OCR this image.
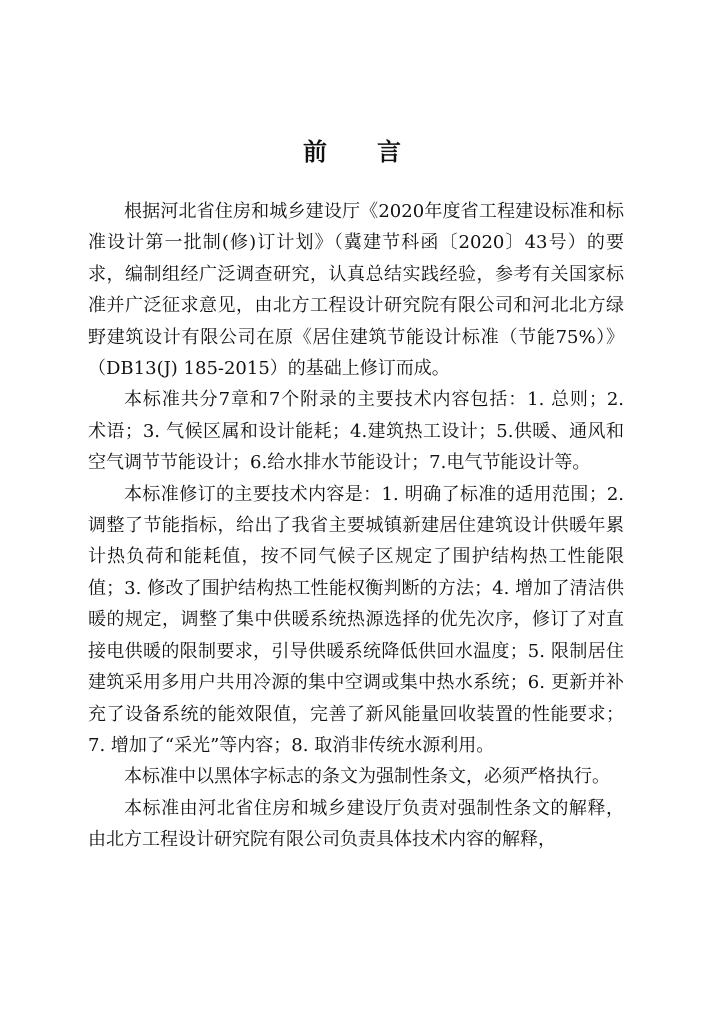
前 言

根据河北省住房和城乡建设厅《2020年度省工程建设标准和标准设计第一批制(修)订计划》（冀建节科函〔2020〕43号）的要求，编制组经广泛调查研究，认真总结实践经验，参考有关国家标准并广泛征求意见，由北方工程设计研究院有限公司和河北北方绿野建筑设计有限公司在原《居住建筑节能设计标准（节能75%）》（DB13(J) 185-2015）的基础上修订而成。

本标准共分7章和7个附录的主要技术内容包括：1. 总则；2. 术语；3. 气候区属和设计能耗；4.建筑热工设计；5.供暖、通风和空气调节节能设计；6.给水排水节能设计；7.电气节能设计等。

本标准修订的主要技术内容是：1. 明确了标准的适用范围；2. 调整了节能指标，给出了我省主要城镇新建居住建筑设计供暖年累计热负荷和能耗值，按不同气候子区规定了围护结构热工性能限值；3. 修改了围护结构热工性能权衡判断的方法；4. 增加了清洁供暖的规定，调整了集中供暖系统热源选择的优先次序，修订了对直接电供暖的限制要求，引导供暖系统降低供回水温度；5. 限制居住建筑采用多用户共用冷源的集中空调或集中热水系统；6. 更新并补充了设备系统的能效限值，完善了新风能量回收装置的性能要求；7. 增加了“采光”等内容；8. 取消非传统水源利用。

本标准中以黑体字标志的条文为强制性条文，必须严格执行。

本标准由河北省住房和城乡建设厅负责对强制性条文的解释，由北方工程设计研究院有限公司负责具体技术内容的解释，
